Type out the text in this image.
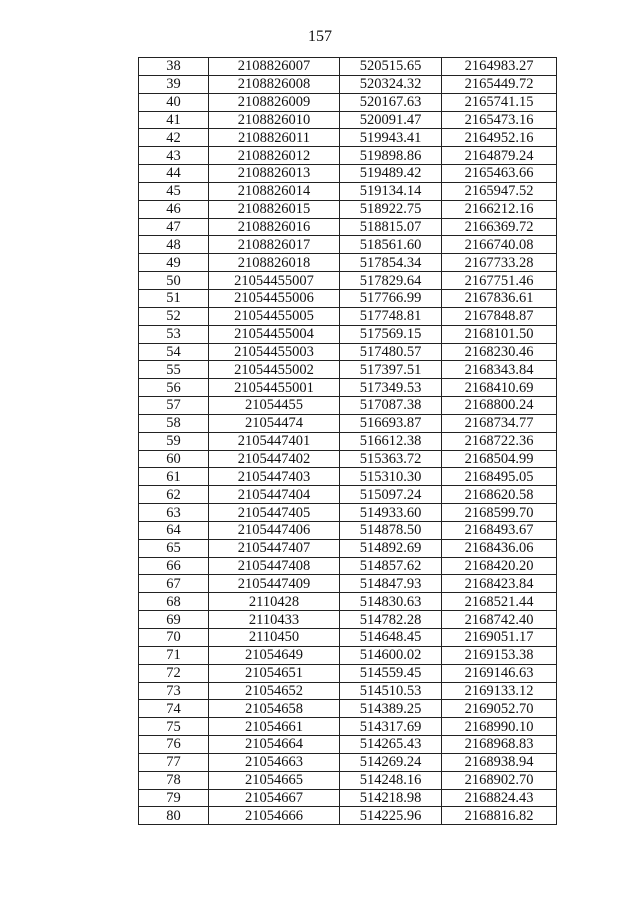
157
38	2108826007	520515.65	2164983.27
39	2108826008	520324.32	2165449.72
40	2108826009	520167.63	2165741.15
41	2108826010	520091.47	2165473.16
42	2108826011	519943.41	2164952.16
43	2108826012	519898.86	2164879.24
44	2108826013	519489.42	2165463.66
45	2108826014	519134.14	2165947.52
46	2108826015	518922.75	2166212.16
47	2108826016	518815.07	2166369.72
48	2108826017	518561.60	2166740.08
49	2108826018	517854.34	2167733.28
50	21054455007	517829.64	2167751.46
51	21054455006	517766.99	2167836.61
52	21054455005	517748.81	2167848.87
53	21054455004	517569.15	2168101.50
54	21054455003	517480.57	2168230.46
55	21054455002	517397.51	2168343.84
56	21054455001	517349.53	2168410.69
57	21054455	517087.38	2168800.24
58	21054474	516693.87	2168734.77
59	2105447401	516612.38	2168722.36
60	2105447402	515363.72	2168504.99
61	2105447403	515310.30	2168495.05
62	2105447404	515097.24	2168620.58
63	2105447405	514933.60	2168599.70
64	2105447406	514878.50	2168493.67
65	2105447407	514892.69	2168436.06
66	2105447408	514857.62	2168420.20
67	2105447409	514847.93	2168423.84
68	2110428	514830.63	2168521.44
69	2110433	514782.28	2168742.40
70	2110450	514648.45	2169051.17
71	21054649	514600.02	2169153.38
72	21054651	514559.45	2169146.63
73	21054652	514510.53	2169133.12
74	21054658	514389.25	2169052.70
75	21054661	514317.69	2168990.10
76	21054664	514265.43	2168968.83
77	21054663	514269.24	2168938.94
78	21054665	514248.16	2168902.70
79	21054667	514218.98	2168824.43
80	21054666	514225.96	2168816.82
